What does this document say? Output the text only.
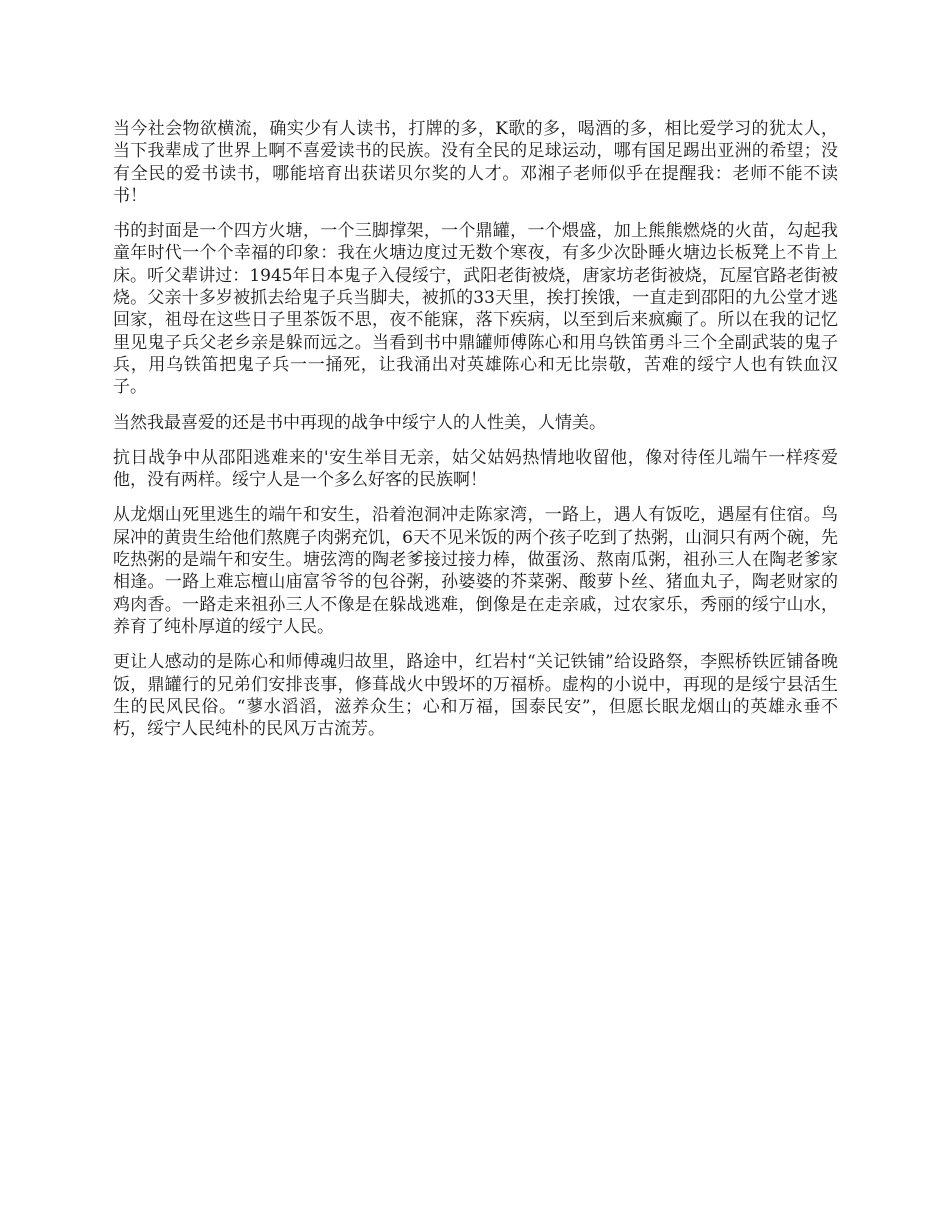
当今社会物欲横流，确实少有人读书，打牌的多，K歌的多，喝酒的多，相比爱学习的犹太人，当下我辈成了世界上啊不喜爱读书的民族。没有全民的足球运动，哪有国足踢出亚洲的希望；没有全民的爱书读书，哪能培育出获诺贝尔奖的人才。邓湘子老师似乎在提醒我：老师不能不读书！

书的封面是一个四方火塘，一个三脚撑架，一个鼎罐，一个煨盛，加上熊熊燃烧的火苗，勾起我童年时代一个个幸福的印象：我在火塘边度过无数个寒夜，有多少次卧睡火塘边长板凳上不肯上床。听父辈讲过：1945年日本鬼子入侵绥宁，武阳老街被烧，唐家坊老街被烧，瓦屋官路老街被烧。父亲十多岁被抓去给鬼子兵当脚夫，被抓的33天里，挨打挨饿，一直走到邵阳的九公堂才逃回家，祖母在这些日子里茶饭不思，夜不能寐，落下疾病，以至到后来疯癫了。所以在我的记忆里见鬼子兵父老乡亲是躲而远之。当看到书中鼎罐师傅陈心和用乌铁笛勇斗三个全副武装的鬼子兵，用乌铁笛把鬼子兵一一捅死，让我涌出对英雄陈心和无比崇敬，苦难的绥宁人也有铁血汉子。

当然我最喜爱的还是书中再现的战争中绥宁人的人性美，人情美。

抗日战争中从邵阳逃难来的'安生举目无亲，姑父姑妈热情地收留他，像对待侄儿端午一样疼爱他，没有两样。绥宁人是一个多么好客的民族啊！

从龙烟山死里逃生的端午和安生，沿着泡洞冲走陈家湾，一路上，遇人有饭吃，遇屋有住宿。鸟屎冲的黄贵生给他们熬麂子肉粥充饥，6天不见米饭的两个孩子吃到了热粥，山洞只有两个碗，先吃热粥的是端午和安生。塘弦湾的陶老爹接过接力棒，做蛋汤、熬南瓜粥，祖孙三人在陶老爹家相逢。一路上难忘檀山庙富爷爷的包谷粥，孙婆婆的芥菜粥、酸萝卜丝、猪血丸子，陶老财家的鸡肉香。一路走来祖孙三人不像是在躲战逃难，倒像是在走亲戚，过农家乐，秀丽的绥宁山水，养育了纯朴厚道的绥宁人民。

更让人感动的是陈心和师傅魂归故里，路途中，红岩村“关记铁铺”给设路祭，李熙桥铁匠铺备晚饭，鼎罐行的兄弟们安排丧事，修葺战火中毁坏的万福桥。虚构的小说中，再现的是绥宁县活生生的民风民俗。“蓼水滔滔，滋养众生；心和万福，国泰民安”，但愿长眠龙烟山的英雄永垂不朽，绥宁人民纯朴的民风万古流芳。
